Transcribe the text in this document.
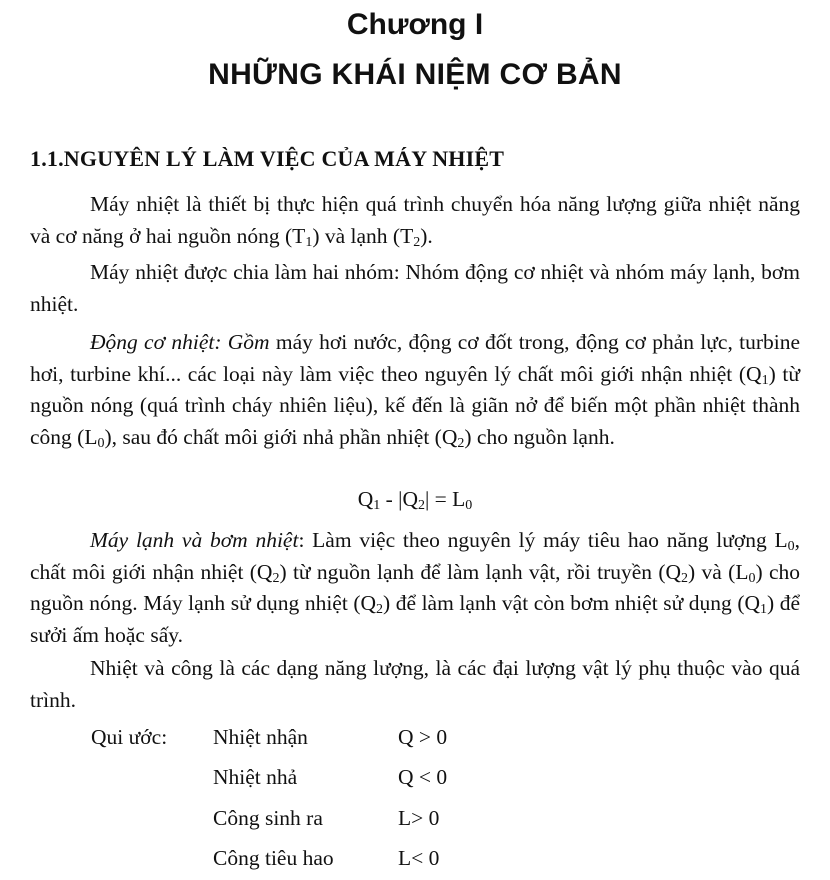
Chương I
NHỮNG KHÁI NIỆM CƠ BẢN
1.1.NGUYÊN LÝ LÀM VIỆC CỦA MÁY NHIỆT

Máy nhiệt là thiết bị thực hiện quá trình chuyển hóa năng lượng giữa nhiệt năng và cơ năng ở hai nguồn nóng $(T_1)$ và lạnh $(T_2)$.

Máy nhiệt được chia làm hai nhóm: Nhóm động cơ nhiệt và nhóm máy lạnh, bơm nhiệt.

Động cơ nhiệt: Gồm máy hơi nước, động cơ đốt trong, động cơ phản lực, turbine hơi, turbine khí... các loại này làm việc theo nguyên lý chất môi giới nhận nhiệt $(Q_1)$ từ nguồn nóng (quá trình cháy nhiên liệu), kế đến là giãn nở để biến một phần nhiệt thành công $(L_0)$, sau đó chất môi giới nhả phần nhiệt $(Q_2)$ cho nguồn lạnh.

$Q_1 - |Q_2| = L_0$

Máy lạnh và bơm nhiệt: Làm việc theo nguyên lý máy tiêu hao năng lượng $L_0$, chất môi giới nhận nhiệt $(Q_2)$ từ nguồn lạnh để làm lạnh vật, rồi truyền $(Q_2)$ và $(L_0)$ cho nguồn nóng. Máy lạnh sử dụng nhiệt $(Q_2)$ để làm lạnh vật còn bơm nhiệt sử dụng $(Q_1)$ để sưởi ấm hoặc sấy.

Nhiệt và công là các dạng năng lượng, là các đại lượng vật lý phụ thuộc vào quá trình.

Qui ước: Nhiệt nhận	Q > 0
Nhiệt nhả	Q < 0
Công sinh ra	L> 0
Công tiêu hao	L< 0
